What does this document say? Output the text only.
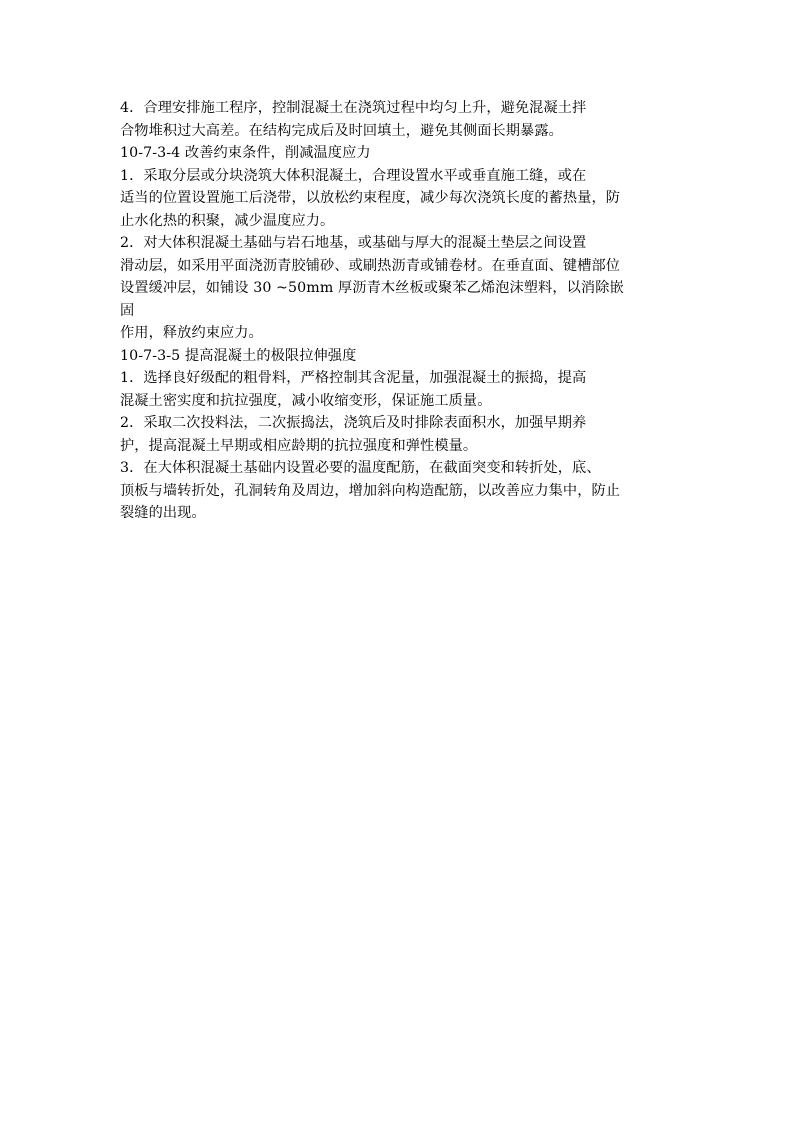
4．合理安排施工程序，控制混凝土在浇筑过程中均匀上升，避免混凝土拌
合物堆积过大高差。在结构完成后及时回填土，避免其侧面长期暴露。
10-7-3-4 改善约束条件，削减温度应力
1．采取分层或分块浇筑大体积混凝土，合理设置水平或垂直施工缝，或在
适当的位置设置施工后浇带，以放松约束程度，减少每次浇筑长度的蓄热量，防
止水化热的积聚，减少温度应力。
2．对大体积混凝土基础与岩石地基，或基础与厚大的混凝土垫层之间设置
滑动层，如采用平面浇沥青胶铺砂、或刷热沥青或铺卷材。在垂直面、键槽部位
设置缓冲层，如铺设 30 ~50mm 厚沥青木丝板或聚苯乙烯泡沫塑料，以消除嵌
固
作用，释放约束应力。
10-7-3-5 提高混凝土的极限拉伸强度
1．选择良好级配的粗骨料，严格控制其含泥量，加强混凝土的振捣，提高
混凝土密实度和抗拉强度，减小收缩变形，保证施工质量。
2．采取二次投料法，二次振捣法，浇筑后及时排除表面积水，加强早期养
护，提高混凝土早期或相应龄期的抗拉强度和弹性模量。
3．在大体积混凝土基础内设置必要的温度配筋，在截面突变和转折处，底、
顶板与墙转折处，孔洞转角及周边，增加斜向构造配筋，以改善应力集中，防止
裂缝的出现。
